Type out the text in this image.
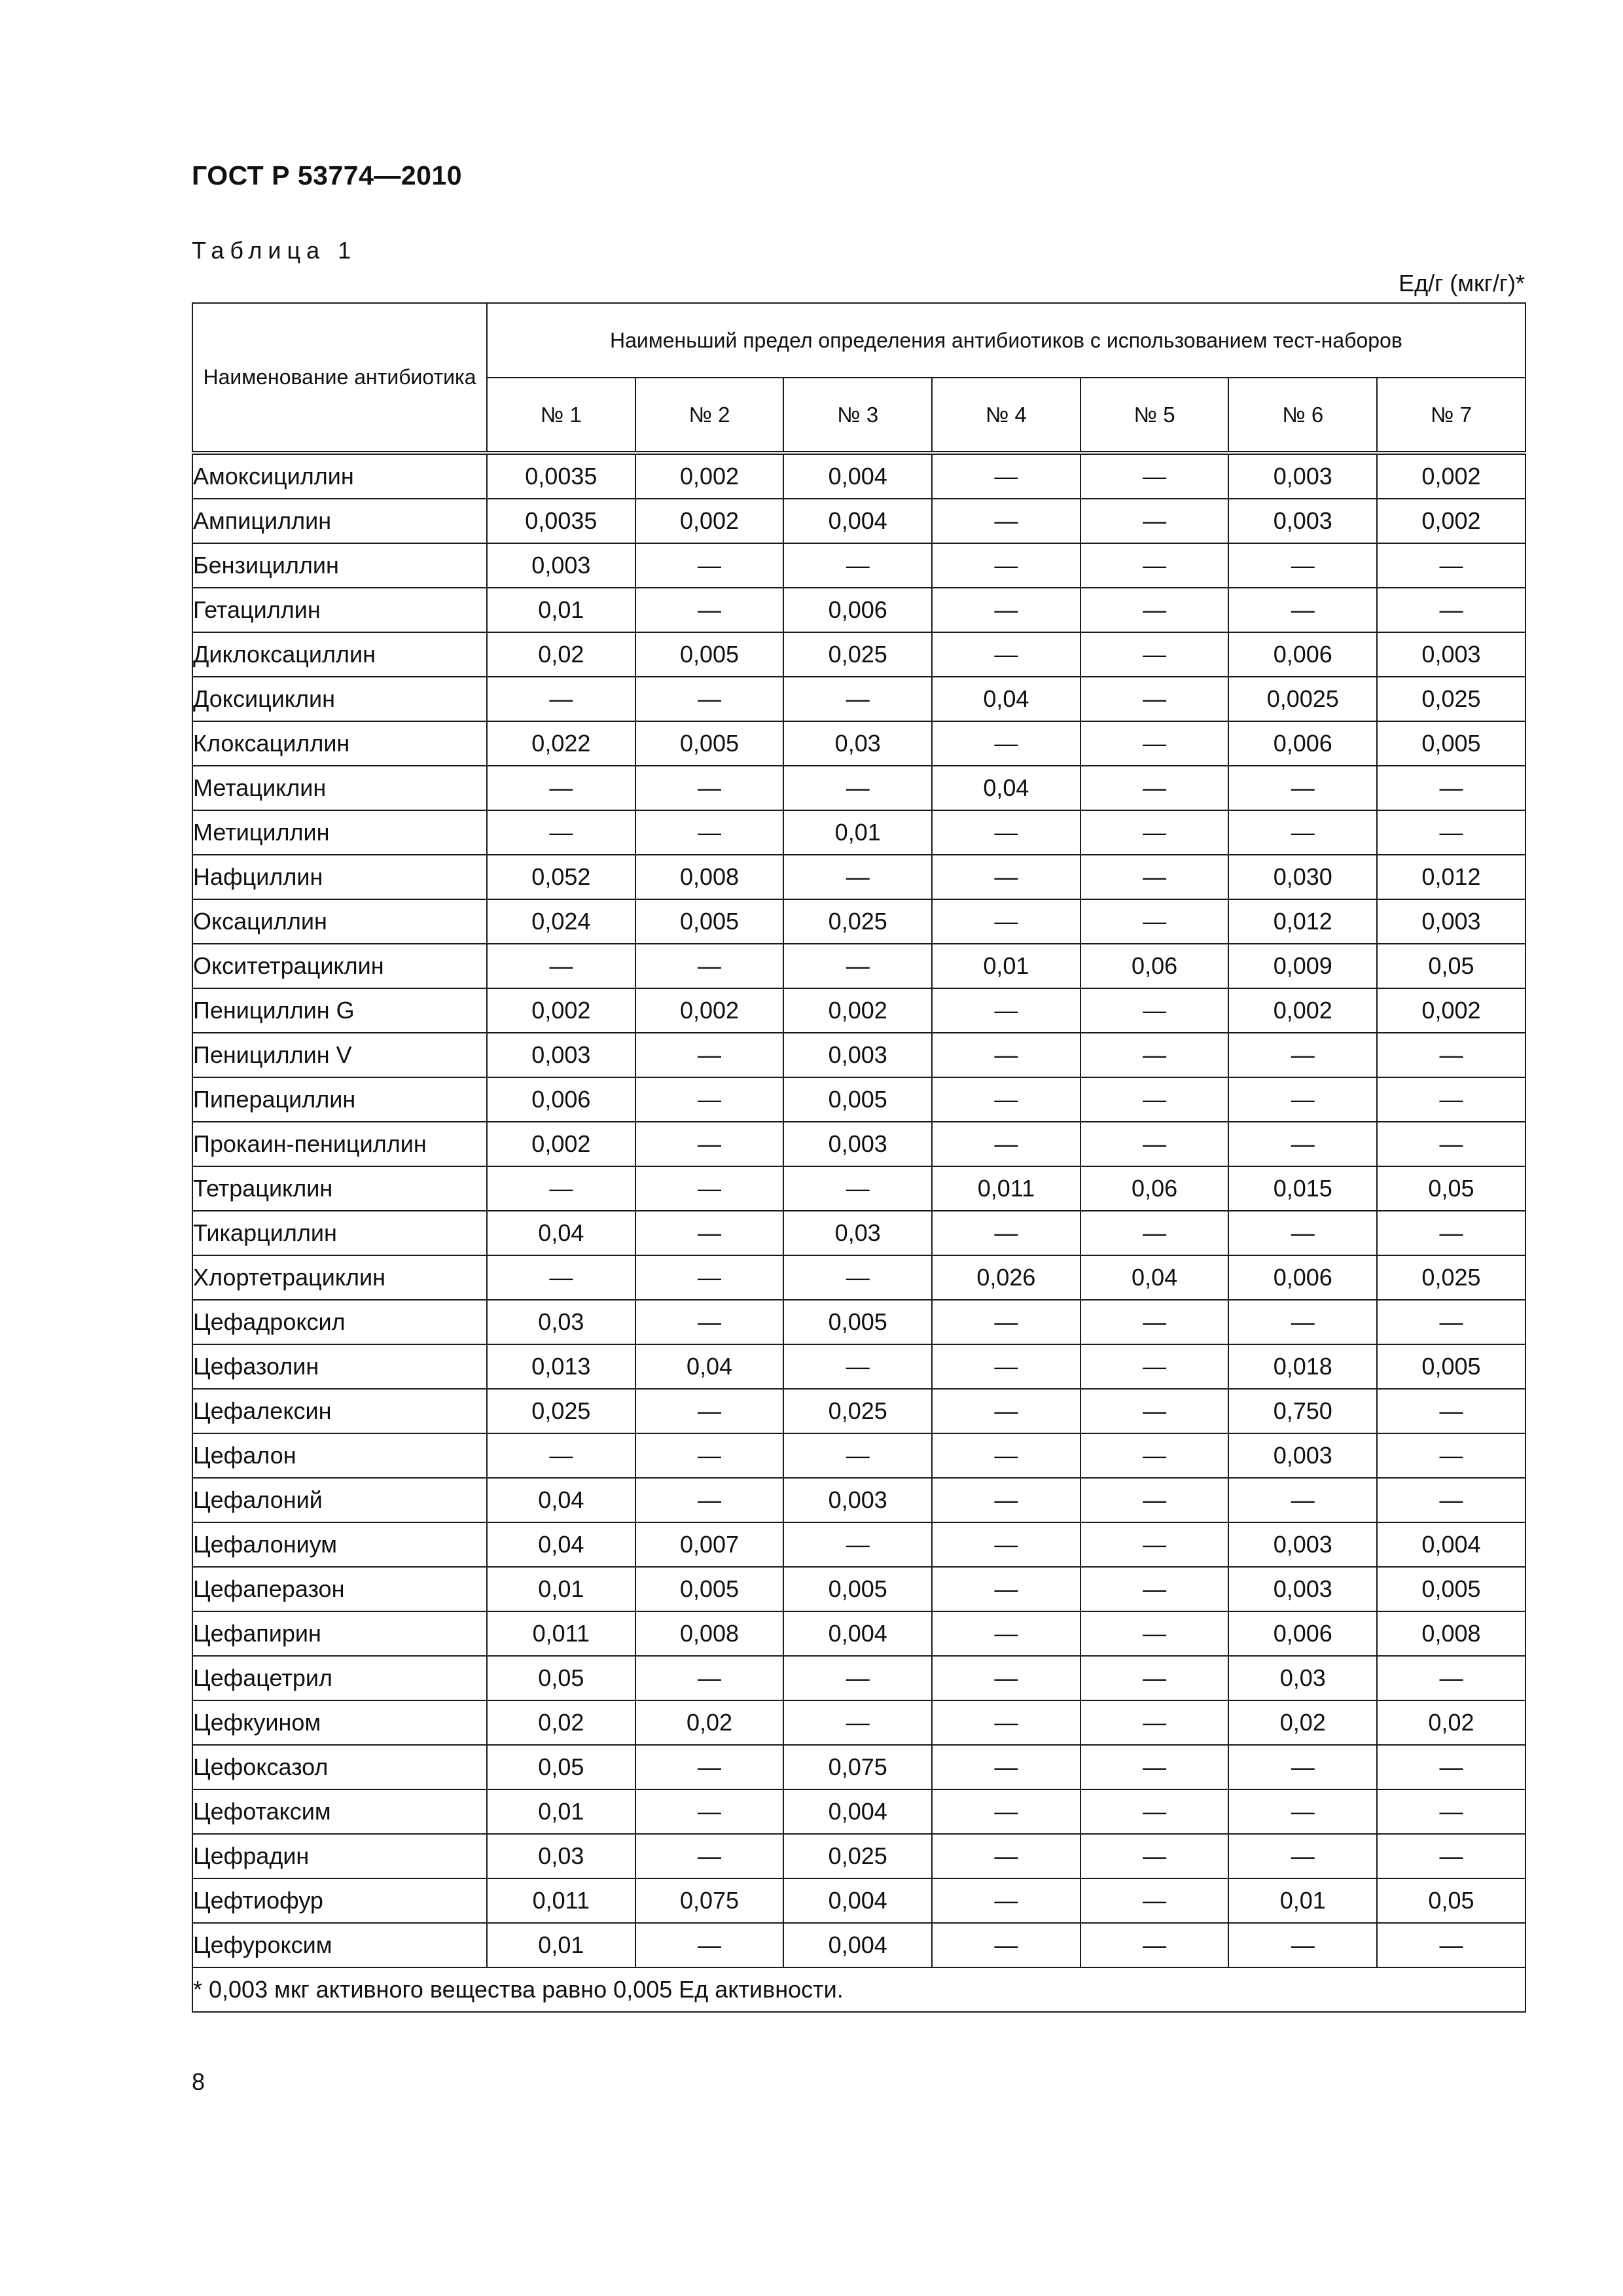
ГОСТ Р 53774—2010
Таблица 1
Ед/г (мкг/г)*
Наименование антибиотика	Наименьший предел определения антибиотиков с использованием тест-наборов						
	№ 1	№ 2	№ 3	№ 4	№ 5	№ 6	№ 7
Амоксициллин	0,0035	0,002	0,004	—	—	0,003	0,002
Ампициллин	0,0035	0,002	0,004	—	—	0,003	0,002
Бензициллин	0,003	—	—	—	—	—	—
Гетациллин	0,01	—	0,006	—	—	—	—
Диклоксациллин	0,02	0,005	0,025	—	—	0,006	0,003
Доксициклин	—	—	—	0,04	—	0,0025	0,025
Клоксациллин	0,022	0,005	0,03	—	—	0,006	0,005
Метациклин	—	—	—	0,04	—	—	—
Метициллин	—	—	0,01	—	—	—	—
Нафциллин	0,052	0,008	—	—	—	0,030	0,012
Оксациллин	0,024	0,005	0,025	—	—	0,012	0,003
Окситетрациклин	—	—	—	0,01	0,06	0,009	0,05
Пенициллин G	0,002	0,002	0,002	—	—	0,002	0,002
Пенициллин V	0,003	—	0,003	—	—	—	—
Пиперациллин	0,006	—	0,005	—	—	—	—
Прокаин-пенициллин	0,002	—	0,003	—	—	—	—
Тетрациклин	—	—	—	0,011	0,06	0,015	0,05
Тикарциллин	0,04	—	0,03	—	—	—	—
Хлортетрациклин	—	—	—	0,026	0,04	0,006	0,025
Цефадроксил	0,03	—	0,005	—	—	—	—
Цефазолин	0,013	0,04	—	—	—	0,018	0,005
Цефалексин	0,025	—	0,025	—	—	0,750	—
Цефалон	—	—	—	—	—	0,003	—
Цефалоний	0,04	—	0,003	—	—	—	—
Цефалониум	0,04	0,007	—	—	—	0,003	0,004
Цефаперазон	0,01	0,005	0,005	—	—	0,003	0,005
Цефапирин	0,011	0,008	0,004	—	—	0,006	0,008
Цефацетрил	0,05	—	—	—	—	0,03	—
Цефкуином	0,02	0,02	—	—	—	0,02	0,02
Цефоксазол	0,05	—	0,075	—	—	—	—
Цефотаксим	0,01	—	0,004	—	—	—	—
Цефрадин	0,03	—	0,025	—	—	—	—
Цефтиофур	0,011	0,075	0,004	—	—	0,01	0,05
Цефуроксим	0,01	—	0,004	—	—	—	—
* 0,003 мкг активного вещества равно 0,005 Ед активности.							
8
